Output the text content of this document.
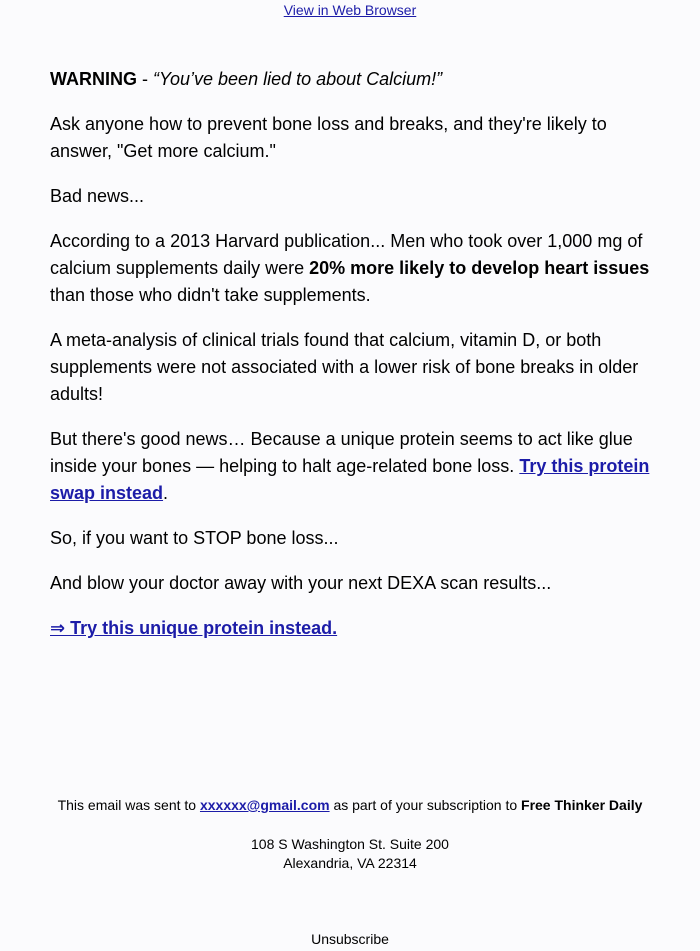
View in Web Browser

WARNING - “You’ve been lied to about Calcium!”

Ask anyone how to prevent bone loss and breaks, and they're likely to answer, "Get more calcium."

Bad news...

According to a 2013 Harvard publication... Men who took over 1,000 mg of calcium supplements daily were 20% more likely to develop heart issues than those who didn't take supplements.

A meta-analysis of clinical trials found that calcium, vitamin D, or both supplements were not associated with a lower risk of bone breaks in older adults!

But there's good news… Because a unique protein seems to act like glue inside your bones — helping to halt age-related bone loss. Try this protein swap instead.

So, if you want to STOP bone loss...

And blow your doctor away with your next DEXA scan results...

⇒ Try this unique protein instead.

This email was sent to xxxxxx@gmail.com as part of your subscription to Free Thinker Daily
108 S Washington St. Suite 200
Alexandria, VA 22314
Unsubscribe
